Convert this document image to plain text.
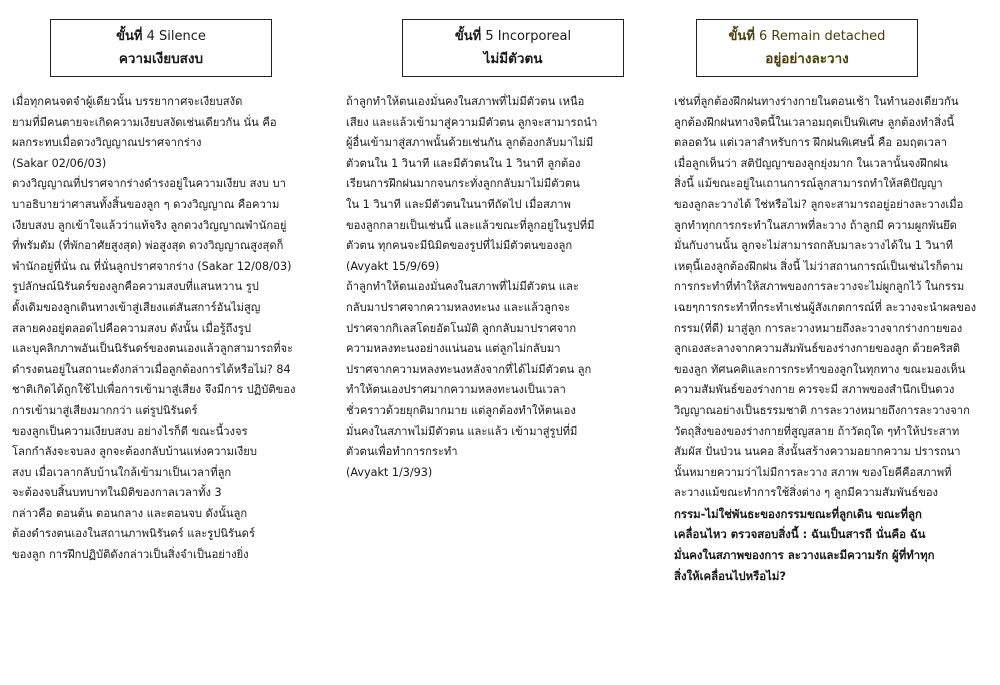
ขั้นที่ 4 Silence
ความเงียบสงบ
เมื่อทุกคนจดจำผู้เดียวนั้น บรรยากาศจะเงียบสงัด
ยามที่มีคนตายจะเกิดความเงียบสงัดเช่นเดียวกัน นั่น คือ
ผลกระทบเมื่อดวงวิญญาณปราศจากร่าง
(Sakar 02/06/03)
ดวงวิญญาณที่ปราศจากร่างดำรงอยู่ในความเงียบ สงบ บา
บาอธิบายว่าศาสนทั้งสิ้นของลูก ๆ ดวงวิญญาณ คือความ
เงียบสงบ ลูกเข้าใจแล้วว่าแท้จริง ลูกดวงวิญญาณพำนักอยู่
ที่พรัมดัม (ที่พักอาศัยสูงสุด) พ่อสูงสุด ดวงวิญญาณสูงสุดก็
พำนักอยู่ที่นั่น ณ ที่นั่นลูกปราศจากร่าง (Sakar 12/08/03)
รูปลักษณ์นิรันดร์ของลูกคือความสงบที่แสนหวาน รูป
ดั้งเดิมของลูกเดินทางเข้าสู่เสียงแต่สันสการ์อันไม่สูญ
สลายคงอยู่ตลอดไปคือความสงบ ดังนั้น เมื่อรู้ถึงรูป
และบุคลิกภาพอันเป็นนิรันดร์ของตนเองแล้วลูกสามารถที่จะ
ดำรงตนอยู่ในสถานะดังกล่าวเมื่อลูกต้องการได้หรือไม่? 84
ชาติเกิดได้ถูกใช้ไปเพื่อการเข้ามาสู่เสียง จึงมีการ ปฏิบัติของ
การเข้ามาสู่เสียงมากกว่า แต่รูปนิรันดร์
ของลูกเป็นความเงียบสงบ อย่างไรก็ดี ขณะนี้วงจร
โลกกำลังจะจบลง ลูกจะต้องกลับบ้านแห่งความเงียบ
สงบ เมื่อเวลากลับบ้านใกล้เข้ามาเป็นเวลาที่ลูก
จะต้องจบสิ้นบทบาทในมิติของกาลเวลาทั้ง 3
กล่าวคือ ตอนต้น ตอนกลาง และตอนจบ ดังนั้นลูก
ต้องดำรงตนเองในสถานภาพนิรันดร์ และรูปนิรันดร์
ของลูก การฝึกปฏิบัติดังกล่าวเป็นสิ่งจำเป็นอย่างยิ่ง
ขั้นที่ 5 Incorporeal
ไม่มีตัวตน
ถ้าลูกทำให้ตนเองมั่นคงในสภาพที่ไม่มีตัวตน เหนือ
เสียง และแล้วเข้ามาสู่ความมีตัวตน ลูกจะสามารถนำ
ผู้อื่นเข้ามาสู่สภาพนั้นด้วยเช่นกัน ลูกต้องกลับมาไม่มี
ตัวตนใน 1 วินาที และมีตัวตนใน 1 วินาที ลูกต้อง
เรียนการฝึกฝนมากจนกระทั่งลูกกลับมาไม่มีตัวตน
ใน 1 วินาที และมีตัวตนในนาทีถัดไป เมื่อสภาพ
ของลูกกลายเป็นเช่นนี้ และแล้วขณะที่ลูกอยู่ในรูปที่มี
ตัวตน ทุกคนจะมีนิมิตของรูปที่ไม่มีตัวตนของลูก
(Avyakt 15/9/69)
ถ้าลูกทำให้ตนเองมั่นคงในสภาพที่ไม่มีตัวตน และ
กลับมาปราศจากความหลงทะนง และแล้วลูกจะ
ปราศจากกิเลสโดยอัตโนมัติ ลูกกลับมาปราศจาก
ความหลงทะนงอย่างแน่นอน แต่ลูกไม่กลับมา
ปราศจากความหลงทะนงหลังจากที่ได้ไม่มีตัวตน ลูก
ทำให้ตนเองปราศมากความหลงทะนงเป็นเวลา
ชั่วคราวด้วยยุกติมากมาย แต่ลูกต้องทำให้ตนเอง
มั่นคงในสภาพไม่มีตัวตน และแล้ว เข้ามาสู่รูปที่มี
ตัวตนเพื่อทำการกระทำ
(Avyakt 1/3/93)
ขั้นที่ 6 Remain detached
อยู่อย่างละวาง
เช่นที่ลูกต้องฝึกฝนทางร่างกายในตอนเช้า ในทำนองเดียวกัน
ลูกต้องฝึกฝนทางจิตนี้ในเวลาอมฤตเป็นพิเศษ ลูกต้องทำสิ่งนี้
ตลอดวัน แต่เวลาสำหรับการ ฝึกฝนพิเศษนี้ คือ อมฤตเวลา
เมื่อลูกเห็นว่า สติปัญญาของลูกยุ่งมาก ในเวลานั้นจงฝึกฝน
สิ่งนี้ แม้ขณะอยู่ในเถานการณ์ลูกสามารถทำให้สติปัญญา
ของลูกละวางได้ ใช่หรือไม่? ลูกจะสามารถอยู่อย่างละวางเมื่อ
ลูกทำทุกการกระทำในสภาพที่ละวาง ถ้าลูกมี ความผูกพันยึด
มั่นกับงานนั้น ลูกจะไม่สามารถกลับมาละวางได้ใน 1 วินาที
เหตุนี้เองลูกต้องฝึกฝน สิ่งนี้ ไม่ว่าสถานการณ์เป็นเช่นไรก็ตาม
การกระทำที่ทำให้สภาพของการละวางจะไม่ผูกลูกไว้ ในกรรม
เฉยๆการกระทำที่กระทำเช่นผู้สังเกตการณ์ที่ ละวางจะนำผลของ
กรรม(ที่ดี) มาสู่ลูก การละวางหมายถึงละวางจากร่างกายของ
ลูกเองสะลางจากความสัมพันธ์ของร่างกายของลูก ด้วยคริสติ
ของลูก ทัศนคติและการกระทำของลูกในทุกทาง ขณะมองเห็น
ความสัมพันธ์ของร่างกาย ควรจะมี สภาพของสำนึกเป็นดวง
วิญญาณอย่างเป็นธรรมชาติ การละวางหมายถึงการละวางจาก
วัตถุสิ่งของของร่างกายที่สูญสลาย ถ้าวัตถุใด ๆทำให้ประสาท
สัมผัส ปั่นป่วน นนคอ สิ่งนั้นสร้างความอยากความ ปรารถนา
นั้นหมายความว่าไม่มีการละวาง สภาพ ของโยคีคือสภาพที่
ละวางแม้ขณะทำการใช้สิ่งต่าง ๆ ลูกมีความสัมพันธ์ของ
กรรม-ไม่ใช่พันธะของกรรมขณะที่ลูกเดิน ขณะที่ลูก
เคลื่อนไหว ตรวจสอบสิ่งนี้ : ฉันเป็นสารถี นั่นคือ ฉัน
มั่นคงในสภาพของการ ละวางและมีความรัก ผู้ที่ทำทุก
สิ่งให้เคลื่อนไปหรือไม่?
